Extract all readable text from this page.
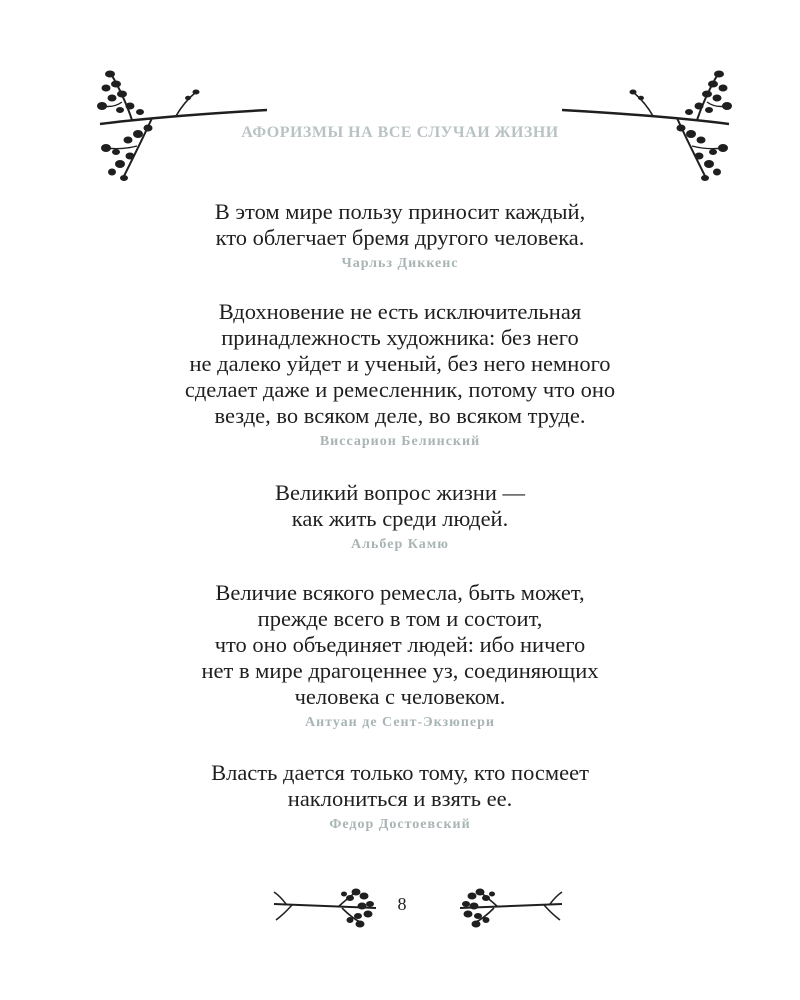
АФОРИЗМЫ НА ВСЕ СЛУЧАИ ЖИЗНИ

В этом мире пользу приносит каждый,
кто облегчает бремя другого человека.

Чарльз Диккенс

Вдохновение не есть исключительная
принадлежность художника: без него
не далеко уйдет и ученый, без него немного
сделает даже и ремесленник, потому что оно
везде, во всяком деле, во всяком труде.

Виссарион Белинский

Великий вопрос жизни —
как жить среди людей.

Альбер Камю

Величие всякого ремесла, быть может,
прежде всего в том и состоит,
что оно объединяет людей: ибо ничего
нет в мире драгоценнее уз, соединяющих
человека с человеком.

Антуан де Сент-Экзюпери

Власть дается только тому, кто посмеет
наклониться и взять ее.

Федор Достоевский
8
